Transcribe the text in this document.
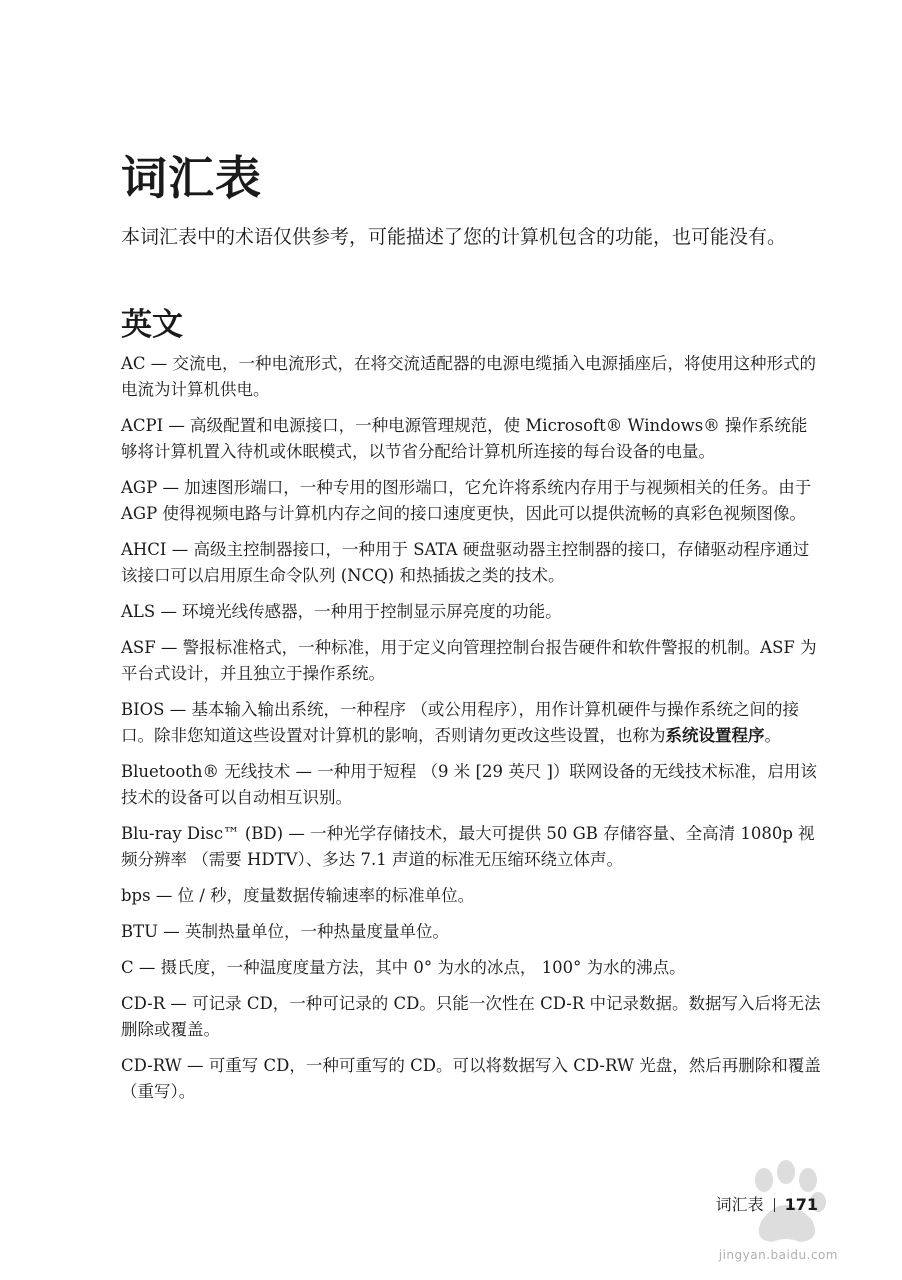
词汇表

本词汇表中的术语仅供参考，可能描述了您的计算机包含的功能，也可能没有。

英文

AC — 交流电，一种电流形式，在将交流适配器的电源电缆插入电源插座后，将使用这种形式的电流为计算机供电。

ACPI — 高级配置和电源接口，一种电源管理规范，使 Microsoft® Windows® 操作系统能够将计算机置入待机或休眠模式，以节省分配给计算机所连接的每台设备的电量。

AGP — 加速图形端口，一种专用的图形端口，它允许将系统内存用于与视频相关的任务。由于 AGP 使得视频电路与计算机内存之间的接口速度更快，因此可以提供流畅的真彩色视频图像。

AHCI — 高级主控制器接口，一种用于 SATA 硬盘驱动器主控制器的接口，存储驱动程序通过该接口可以启用原生命令队列 (NCQ) 和热插拔之类的技术。

ALS — 环境光线传感器，一种用于控制显示屏亮度的功能。

ASF — 警报标准格式，一种标准，用于定义向管理控制台报告硬件和软件警报的机制。ASF 为平台式设计，并且独立于操作系统。

BIOS — 基本输入输出系统，一种程序 （或公用程序），用作计算机硬件与操作系统之间的接口。除非您知道这些设置对计算机的影响，否则请勿更改这些设置，也称为系统设置程序。

Bluetooth® 无线技术 — 一种用于短程 （9 米 [29 英尺 ]）联网设备的无线技术标准，启用该技术的设备可以自动相互识别。

Blu-ray Disc™ (BD) — 一种光学存储技术，最大可提供 50 GB 存储容量、全高清 1080p 视频分辨率 （需要 HDTV）、多达 7.1 声道的标准无压缩环绕立体声。

bps — 位 / 秒，度量数据传输速率的标准单位。

BTU — 英制热量单位，一种热量度量单位。

C — 摄氏度，一种温度度量方法，其中 0° 为水的冰点， 100° 为水的沸点。

CD-R — 可记录 CD，一种可记录的 CD。只能一次性在 CD-R 中记录数据。数据写入后将无法删除或覆盖。

CD-RW — 可重写 CD，一种可重写的 CD。可以将数据写入 CD-RW 光盘，然后再删除和覆盖 （重写）。

词汇表 171
jingyan.baidu.com
